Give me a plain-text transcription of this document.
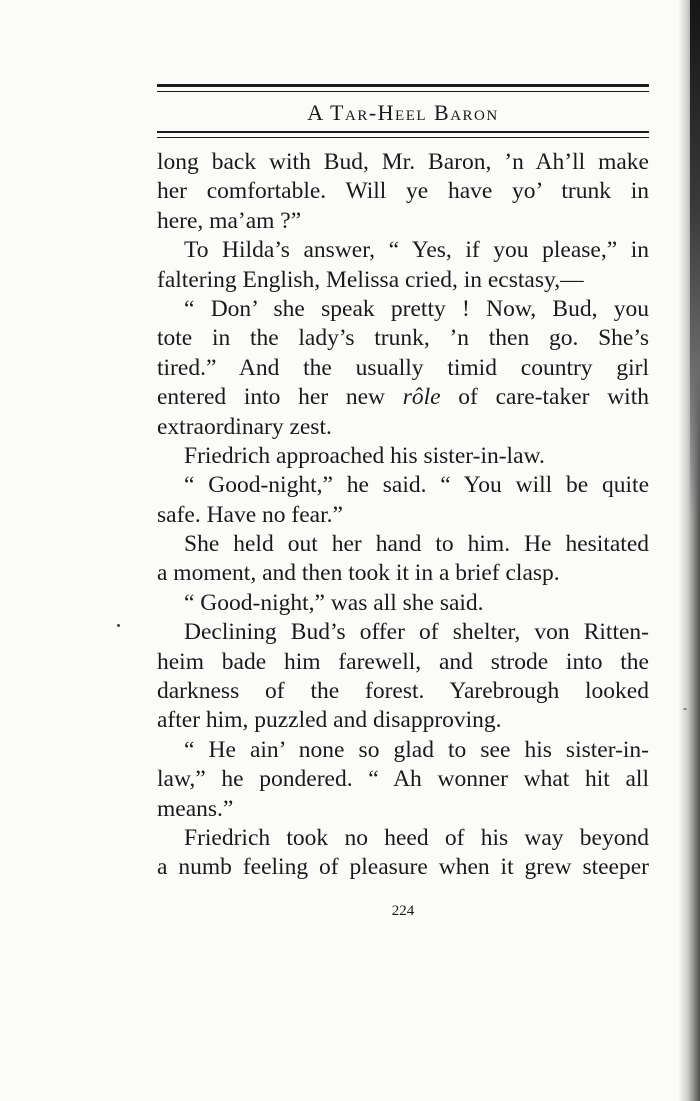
A Tar-Heel Baron
long back with Bud, Mr. Baron, ’n Ah’ll make
her comfortable. Will ye have yo’ trunk in
here, ma’am ?”
To Hilda’s answer, “ Yes, if you please,” in
faltering English, Melissa cried, in ecstasy,—
“ Don’ she speak pretty ! Now, Bud, you
tote in the lady’s trunk, ’n then go. She’s
tired.” And the usually timid country girl
entered into her new rôle of care-taker with
extraordinary zest.
Friedrich approached his sister-in-law.
“ Good-night,” he said. “ You will be quite
safe. Have no fear.”
She held out her hand to him. He hesitated
a moment, and then took it in a brief clasp.
“ Good-night,” was all she said.
Declining Bud’s offer of shelter, von Ritten-
heim bade him farewell, and strode into the
darkness of the forest. Yarebrough looked
after him, puzzled and disapproving.
“ He ain’ none so glad to see his sister-in-
law,” he pondered. “ Ah wonner what hit all
means.”
Friedrich took no heed of his way beyond
a numb feeling of pleasure when it grew steeper
224
